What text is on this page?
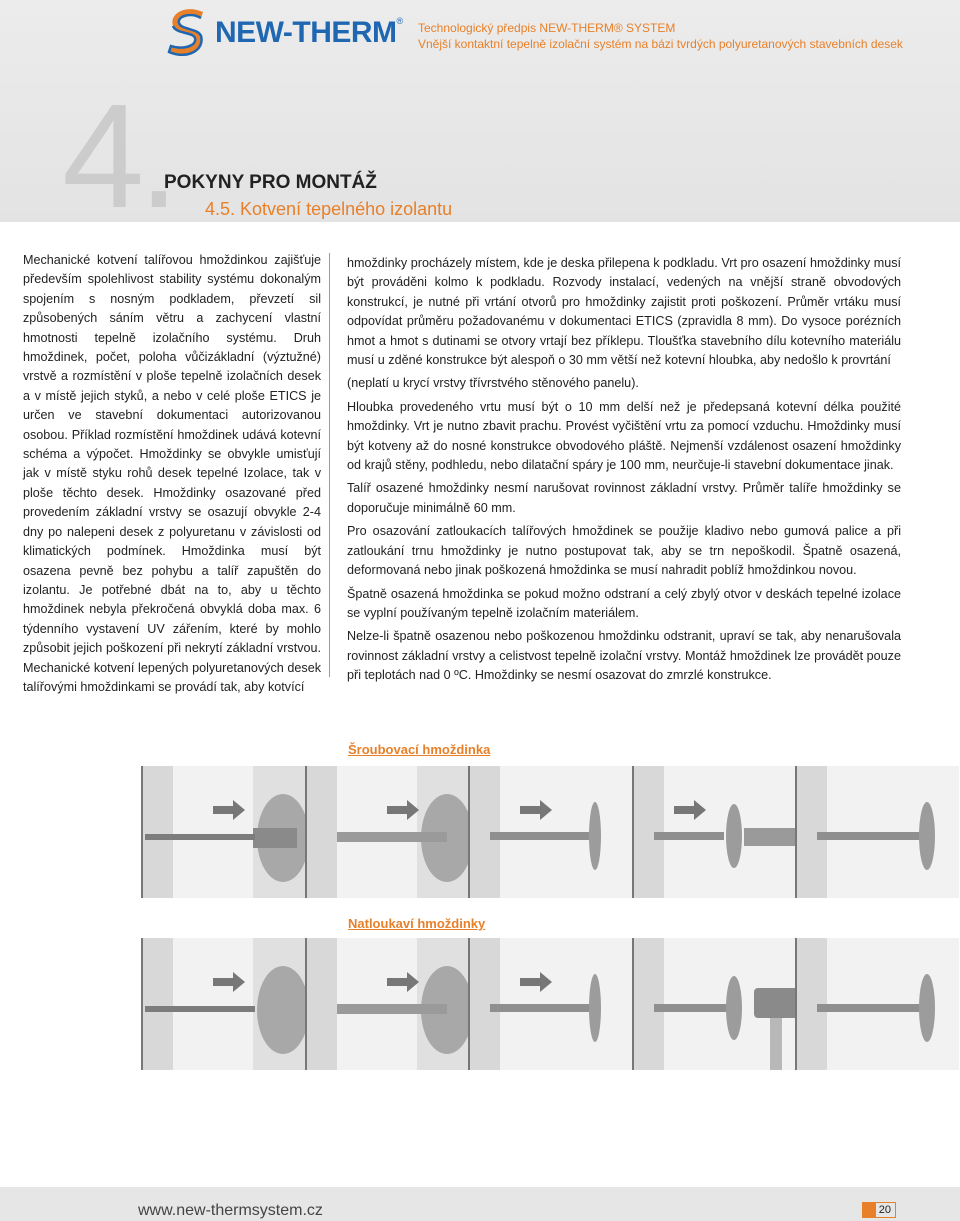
NEW-THERM® Technologický předpis NEW-THERM® SYSTEM
Vnější kontaktní tepelně izolační systém na bázi tvrdých polyuretanových stavebních desek
4.
POKYNY PRO MONTÁŽ
4.5. Kotvení tepelného izolantu
Mechanické kotvení talířovou hmoždinkou zajišťuje především spolehlivost stability systému dokonalým spojením s nosným podkladem, převzetí sil způsobených sáním větru a zachycení vlastní hmotnosti tepelně izolačního systému. Druh hmoždinek, počet, poloha vůčizákladní (výztužné) vrstvě a rozmístění v ploše tepelně izolačních desek a v místě jejich styků, a nebo v celé ploše ETICS je určen ve stavební dokumentaci autorizovanou osobou. Příklad rozmístění hmoždinek udává kotevní schéma a výpočet. Hmoždinky se obvykle umisťují jak v místě styku rohů desek tepelné Izolace, tak v ploše těchto desek. Hmoždinky osazované před provedením základní vrstvy se osazují obvykle 2-4 dny po nalepeni desek z polyuretanu v závislosti od klimatických podmínek. Hmoždinka musí být osazena pevně bez pohybu a talíř zapuštěn do izolantu. Je potřebné dbát na to, aby u těchto hmoždinek nebyla překročená obvyklá doba max. 6 týdenního vystavení UV zářením, které by mohlo způsobit jejich poškození při nekrytí základní vrstvou. Mechanické kotvení lepených polyuretanových desek talířovými hmoždinkami se provádí tak, aby kotvící

hmoždinky procházely místem, kde je deska přilepena k podkladu. Vrt pro osazení hmoždinky musí být prováděni kolmo k podkladu. Rozvody instalací, vedených na vnější straně obvodových konstrukcí, je nutné při vrtání otvorů pro hmoždinky zajistit proti poškození. Průměr vrtáku musí odpovídat průměru požadovanému v dokumentaci ETICS (zpravidla 8 mm). Do vysoce porézních hmot a hmot s dutinami se otvory vrtají bez příklepu. Tloušťka stavebního dílu kotevního materiálu musí u zděné konstrukce být alespoň o 30 mm větší než kotevní hloubka, aby nedošlo k provrtání

(neplatí u krycí vrstvy třívrstvého stěnového panelu).

Hloubka provedeného vrtu musí být o 10 mm delší než je předepsaná kotevní délka použité hmoždinky. Vrt je nutno zbavit prachu. Provést vyčištění vrtu za pomocí vzduchu. Hmoždinky musí být kotveny až do nosné konstrukce obvodového pláště. Nejmenší vzdálenost osazení hmoždinky od krajů stěny, podhledu, nebo dilatační spáry je 100 mm, neurčuje-li stavební dokumentace jinak.

Talíř osazené hmoždinky nesmí narušovat rovinnost základní vrstvy. Průměr talíře hmoždinky se doporučuje minimálně 60 mm.

Pro osazování zatloukacích talířových hmoždinek se použije kladivo nebo gumová palice a při zatloukání trnu hmoždinky je nutno postupovat tak, aby se trn nepoškodil. Špatně osazená, deformovaná nebo jinak poškozená hmoždinka se musí nahradit poblíž hmoždinkou novou.

Špatně osazená hmoždinka se pokud možno odstraní a celý zbylý otvor v deskách tepelné izolace se vyplní používaným tepelně izolačním materiálem.

Nelze-li špatně osazenou nebo poškozenou hmoždinku odstranit, upraví se tak, aby nenarušovala rovinnost základní vrstvy a celistvost tepelně izolační vrstvy. Montáž hmoždinek lze provádět pouze při teplotách nad 0 ºC. Hmoždinky se nesmí osazovat do zmrzlé konstrukce.

Šroubovací hmoždinka
Natloukaví hmoždinky
www.new-thermsystem.cz	20
